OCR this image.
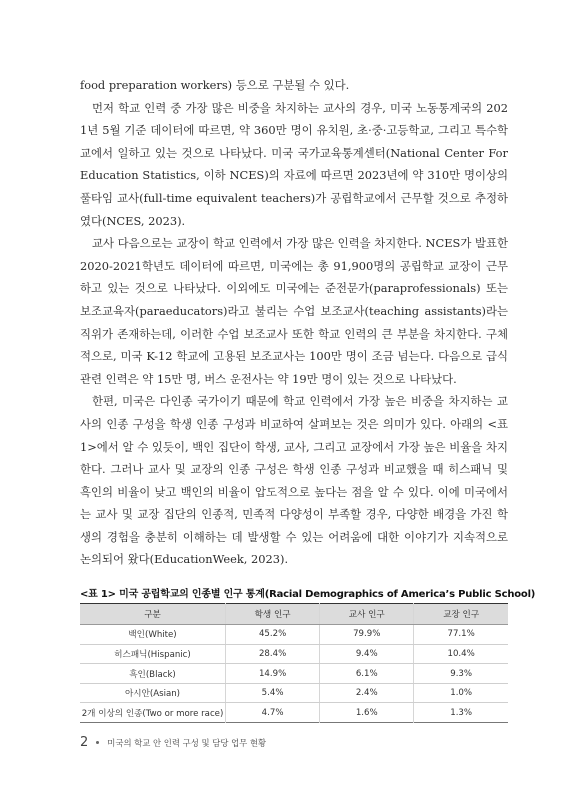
food preparation workers) 등으로 구분될 수 있다.

먼저 학교 인력 중 가장 많은 비중을 차지하는 교사의 경우, 미국 노동통계국의 2021년 5월 기준 데이터에 따르면, 약 360만 명이 유치원, 초·중·고등학교, 그리고 특수학교에서 일하고 있는 것으로 나타났다. 미국 국가교육통계센터(National Center For Education Statistics, 이하 NCES)의 자료에 따르면 2023년에 약 310만 명이상의 풀타임 교사(full-time equivalent teachers)가 공립학교에서 근무할 것으로 추정하였다(NCES, 2023).

교사 다음으로는 교장이 학교 인력에서 가장 많은 인력을 차지한다. NCES가 발표한 2020-2021학년도 데이터에 따르면, 미국에는 총 91,900명의 공립학교 교장이 근무하고 있는 것으로 나타났다. 이외에도 미국에는 준전문가(paraprofessionals) 또는 보조교육자(paraeducators)라고 불리는 수업 보조교사(teaching assistants)라는 직위가 존재하는데, 이러한 수업 보조교사 또한 학교 인력의 큰 부분을 차지한다. 구체적으로, 미국 K-12 학교에 고용된 보조교사는 100만 명이 조금 넘는다. 다음으로 급식 관련 인력은 약 15만 명, 버스 운전사는 약 19만 명이 있는 것으로 나타났다.

한편, 미국은 다인종 국가이기 때문에 학교 인력에서 가장 높은 비중을 차지하는 교사의 인종 구성을 학생 인종 구성과 비교하여 살펴보는 것은 의미가 있다. 아래의 <표 1>에서 알 수 있듯이, 백인 집단이 학생, 교사, 그리고 교장에서 가장 높은 비율을 차지한다. 그러나 교사 및 교장의 인종 구성은 학생 인종 구성과 비교했을 때 히스패닉 및 흑인의 비율이 낮고 백인의 비율이 압도적으로 높다는 점을 알 수 있다. 이에 미국에서는 교사 및 교장 집단의 인종적, 민족적 다양성이 부족할 경우, 다양한 배경을 가진 학생의 경험을 충분히 이해하는 데 발생할 수 있는 어려움에 대한 이야기가 지속적으로 논의되어 왔다(EducationWeek, 2023).

<표 1> 미국 공립학교의 인종별 인구 통계(Racial Demographics of America’s Public School)
구분	학생 인구	교사 인구	교장 인구
백인(White)	45.2%	79.9%	77.1%
히스패닉(Hispanic)	28.4%	9.4%	10.4%
흑인(Black)	14.9%	6.1%	9.3%
아시안(Asian)	5.4%	2.4%	1.0%
2개 이상의 인종(Two or more race)	4.7%	1.6%	1.3%
2 미국의 학교 안 인력 구성 및 담당 업무 현황
